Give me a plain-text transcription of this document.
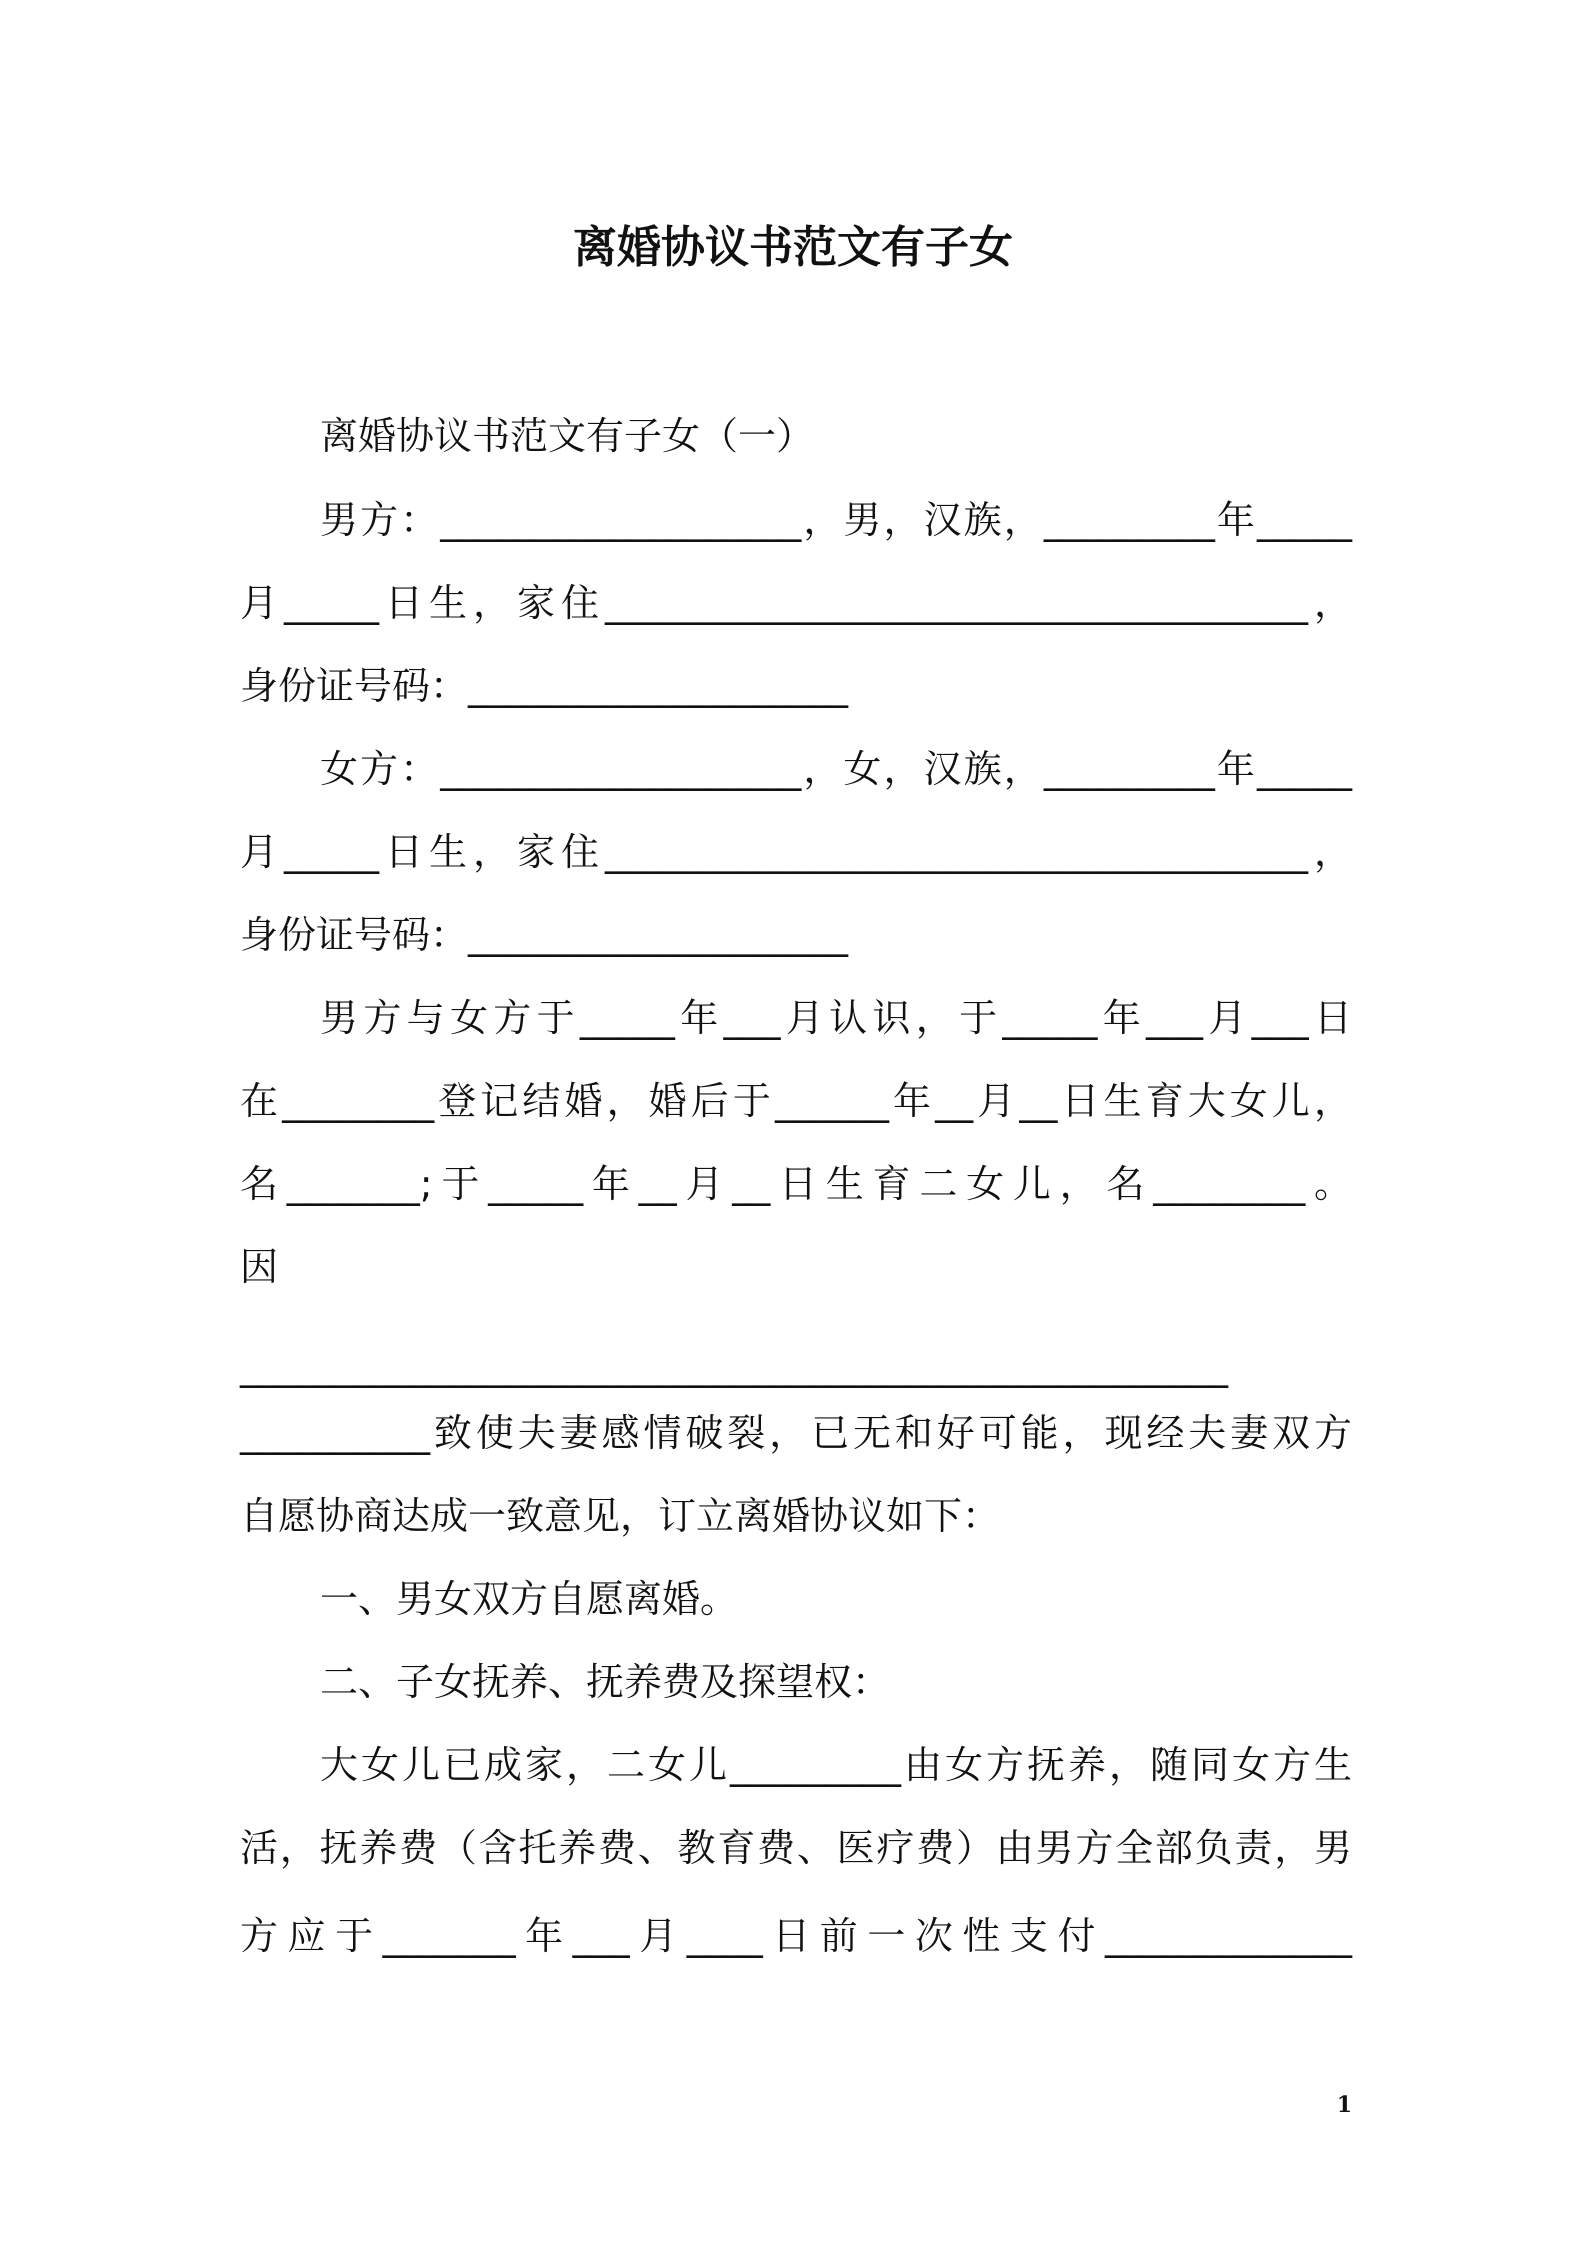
离婚协议书范文有子女
离婚协议书范文有子女（一）
男方：___________________，男，汉族，_________年_____
月_____日生，家住_____________________________________，
身份证号码：____________________
女方：___________________，女，汉族，_________年_____
月_____日生，家住_____________________________________，
身份证号码：____________________
男方与女方于_____年___月认识，于_____年___月___日
在________登记结婚，婚后于______年__月__日生育大女儿，
名_______;于_____年__月__日生育二女儿，名________。
因
____________________________________________________
__________致使夫妻感情破裂，已无和好可能，现经夫妻双方
自愿协商达成一致意见，订立离婚协议如下：
一、男女双方自愿离婚。
二、子女抚养、抚养费及探望权：
大女儿已成家，二女儿_________由女方抚养，随同女方生
活，抚养费（含托养费、教育费、医疗费）由男方全部负责，男
方应于_______年___月____日前一次性支付_____________
1
